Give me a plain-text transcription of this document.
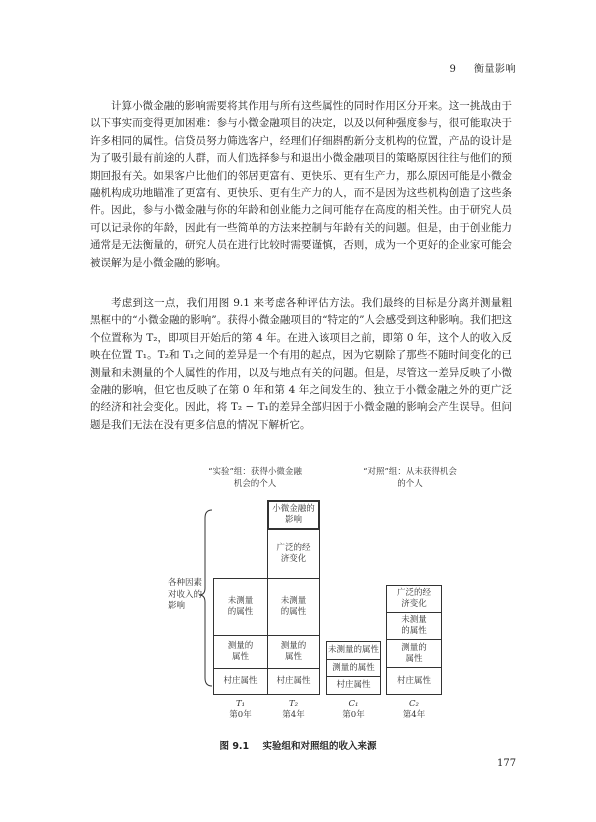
9 衡量影响

计算小微金融的影响需要将其作用与所有这些属性的同时作用区分开来。这一挑战由于以下事实而变得更加困难：参与小微金融项目的决定，以及以何种强度参与，很可能取决于许多相同的属性。信贷员努力筛选客户，经理们仔细斟酌新分支机构的位置，产品的设计是为了吸引最有前途的人群，而人们选择参与和退出小微金融项目的策略原因往往与他们的预期回报有关。如果客户比他们的邻居更富有、更快乐、更有生产力，那么原因可能是小微金融机构成功地瞄准了更富有、更快乐、更有生产力的人，而不是因为这些机构创造了这些条件。因此，参与小微金融与你的年龄和创业能力之间可能存在高度的相关性。由于研究人员可以记录你的年龄，因此有一些简单的方法来控制与年龄有关的问题。但是，由于创业能力通常是无法衡量的，研究人员在进行比较时需要谨慎，否则，成为一个更好的企业家可能会被误解为是小微金融的影响。

考虑到这一点，我们用图 9.1 来考虑各种评估方法。我们最终的目标是分离并测量粗黑框中的“小微金融的影响”。获得小微金融项目的“特定的”人会感受到这种影响。我们把这个位置称为 T₂，即项目开始后的第 4 年。在进入该项目之前，即第 0 年，这个人的收入反映在位置 T₁。T₂和 T₁之间的差异是一个有用的起点，因为它剔除了那些不随时间变化的已测量和未测量的个人属性的作用，以及与地点有关的问题。但是，尽管这一差异反映了小微金融的影响，但它也反映了在第 0 年和第 4 年之间发生的、独立于小微金融之外的更广泛的经济和社会变化。因此，将 T₂ − T₁的差异全部归因于小微金融的影响会产生误导。但问题是我们无法在没有更多信息的情况下解析它。

“实验”组：获得小微金融机会的个人
“对照”组：从未获得机会的个人
各种因素对收入的影响	未测量的属性
测量的属性
村庄属性
小微金融的影响
广泛的经济变化
未测量的属性
测量的属性
村庄属性
未测量的属性
测量的属性
村庄属性
广泛的经济变化
未测量的属性
测量的属性
村庄属性
T₁
第0年
T₂
第4年
C₁
第0年
C₂
第4年
图 9.1 实验组和对照组的收入来源
177
